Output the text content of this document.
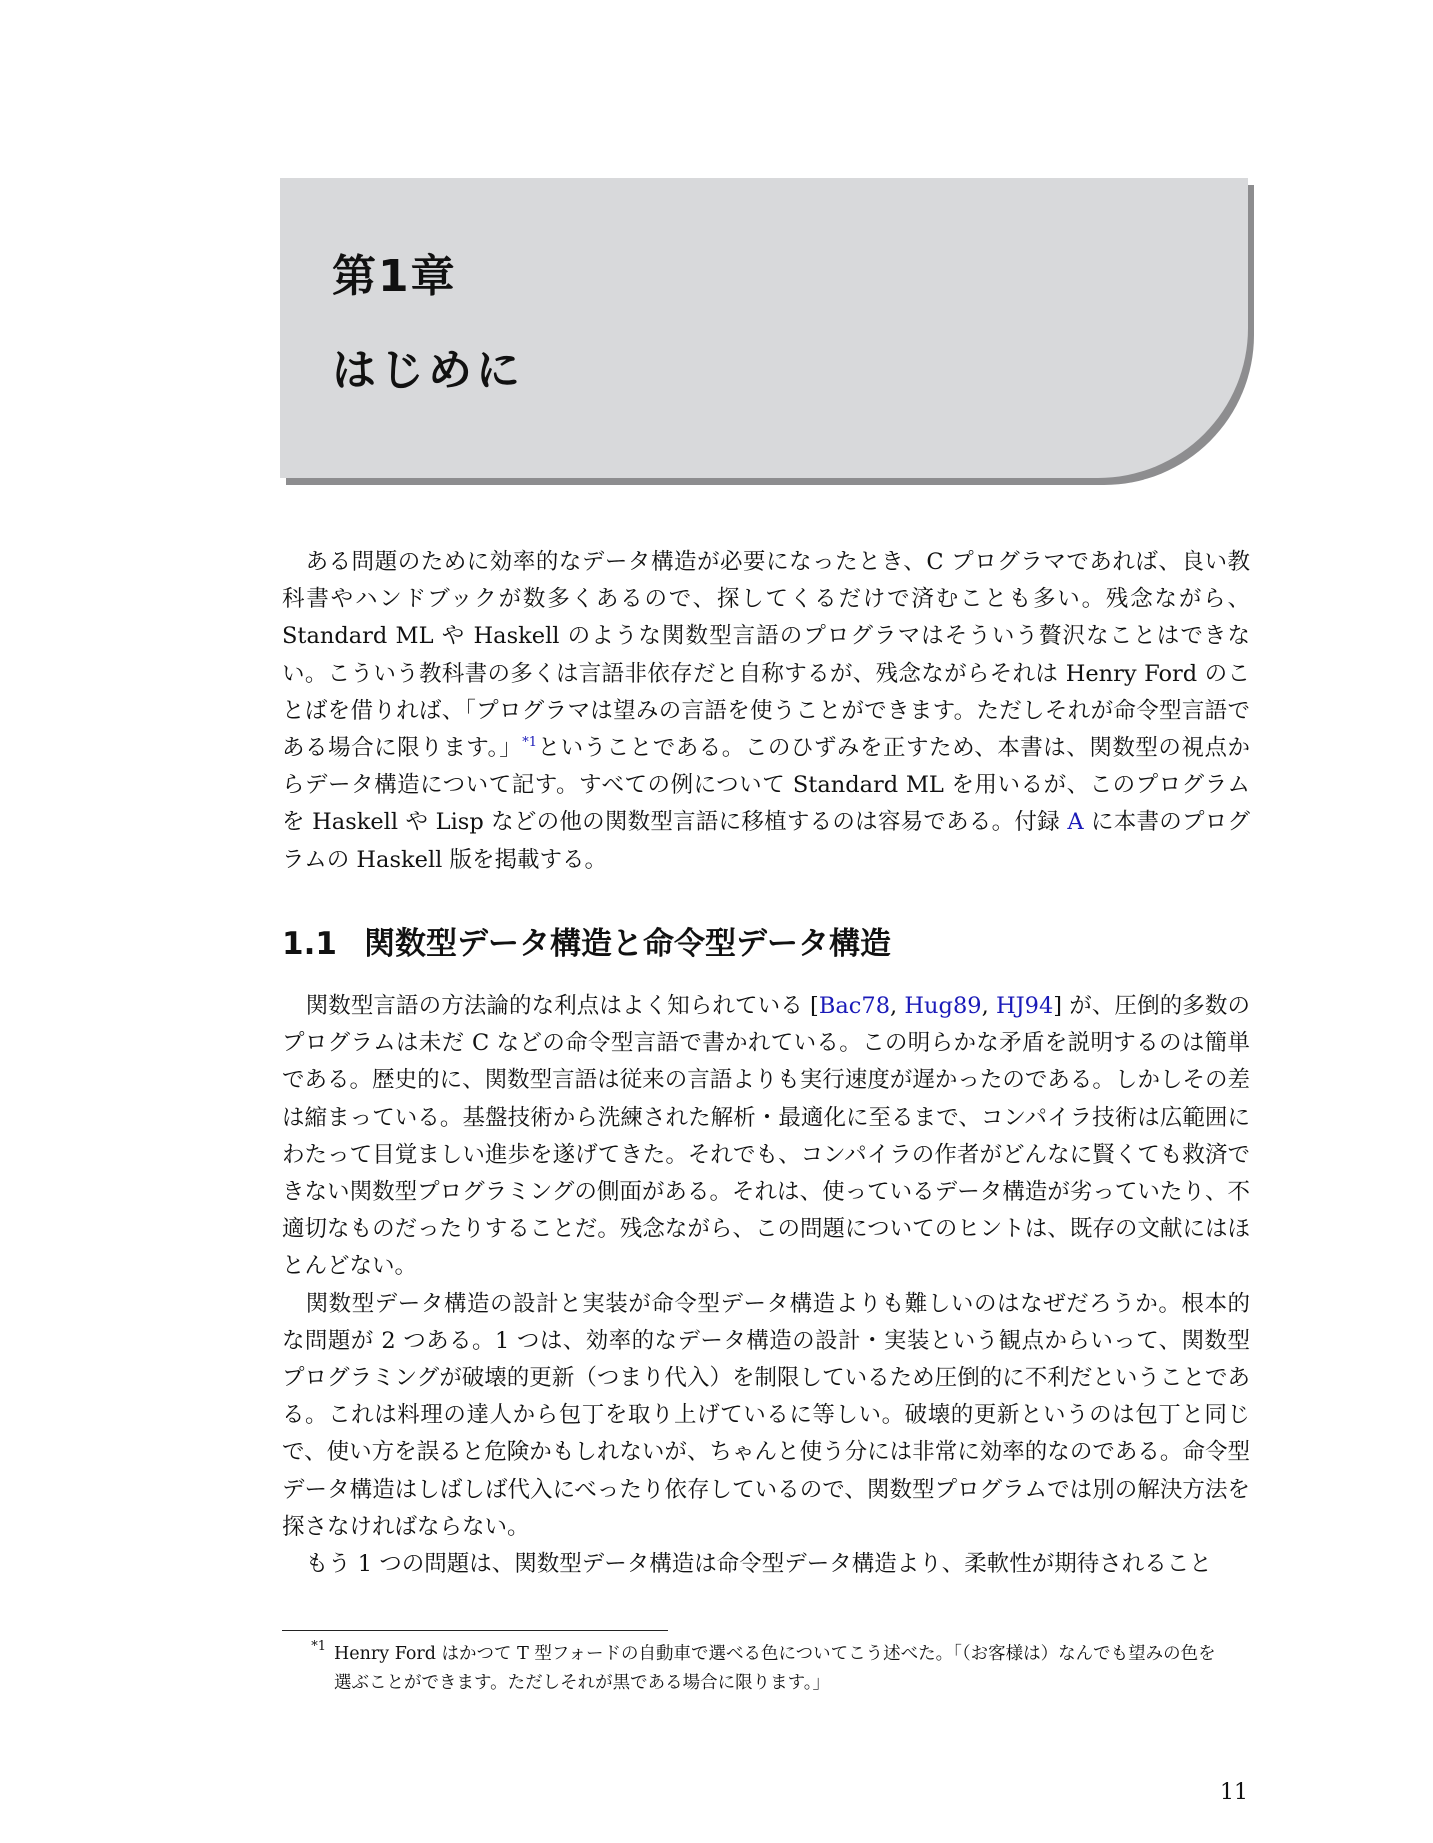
第1章
はじめに

ある問題のために効率的なデータ構造が必要になったとき、C プログラマであれば、良い教科書やハンドブックが数多くあるので、探してくるだけで済むことも多い。残念ながら、Standard ML や Haskell のような関数型言語のプログラマはそういう贅沢なことはできない。こういう教科書の多くは言語非依存だと自称するが、残念ながらそれは Henry Ford のことばを借りれば、「プログラマは望みの言語を使うことができます。ただしそれが命令型言語である場合に限ります。」$^{*1}$ということである。このひずみを正すため、本書は、関数型の視点からデータ構造について記す。すべての例について Standard ML を用いるが、このプログラムを Haskell や Lisp などの他の関数型言語に移植するのは容易である。付録 A に本書のプログラムの Haskell 版を掲載する。

1.1 関数型データ構造と命令型データ構造

関数型言語の方法論的な利点はよく知られている [Bac78, Hug89, HJ94] が、圧倒的多数のプログラムは未だ C などの命令型言語で書かれている。この明らかな矛盾を説明するのは簡単である。歴史的に、関数型言語は従来の言語よりも実行速度が遅かったのである。しかしその差は縮まっている。基盤技術から洗練された解析・最適化に至るまで、コンパイラ技術は広範囲にわたって目覚ましい進歩を遂げてきた。それでも、コンパイラの作者がどんなに賢くても救済できない関数型プログラミングの側面がある。それは、使っているデータ構造が劣っていたり、不適切なものだったりすることだ。残念ながら、この問題についてのヒントは、既存の文献にはほとんどない。

関数型データ構造の設計と実装が命令型データ構造よりも難しいのはなぜだろうか。根本的な問題が 2 つある。1 つは、効率的なデータ構造の設計・実装という観点からいって、関数型プログラミングが破壊的更新（つまり代入）を制限しているため圧倒的に不利だということである。これは料理の達人から包丁を取り上げているに等しい。破壊的更新というのは包丁と同じで、使い方を誤ると危険かもしれないが、ちゃんと使う分には非常に効率的なのである。命令型データ構造はしばしば代入にべったり依存しているので、関数型プログラムでは別の解決方法を探さなければならない。

もう 1 つの問題は、関数型データ構造は命令型データ構造より、柔軟性が期待されること

$^{*1}$ Henry Ford はかつて T 型フォードの自動車で選べる色についてこう述べた。「（お客様は）なんでも望みの色を
選ぶことができます。ただしそれが黒である場合に限ります。」
11
